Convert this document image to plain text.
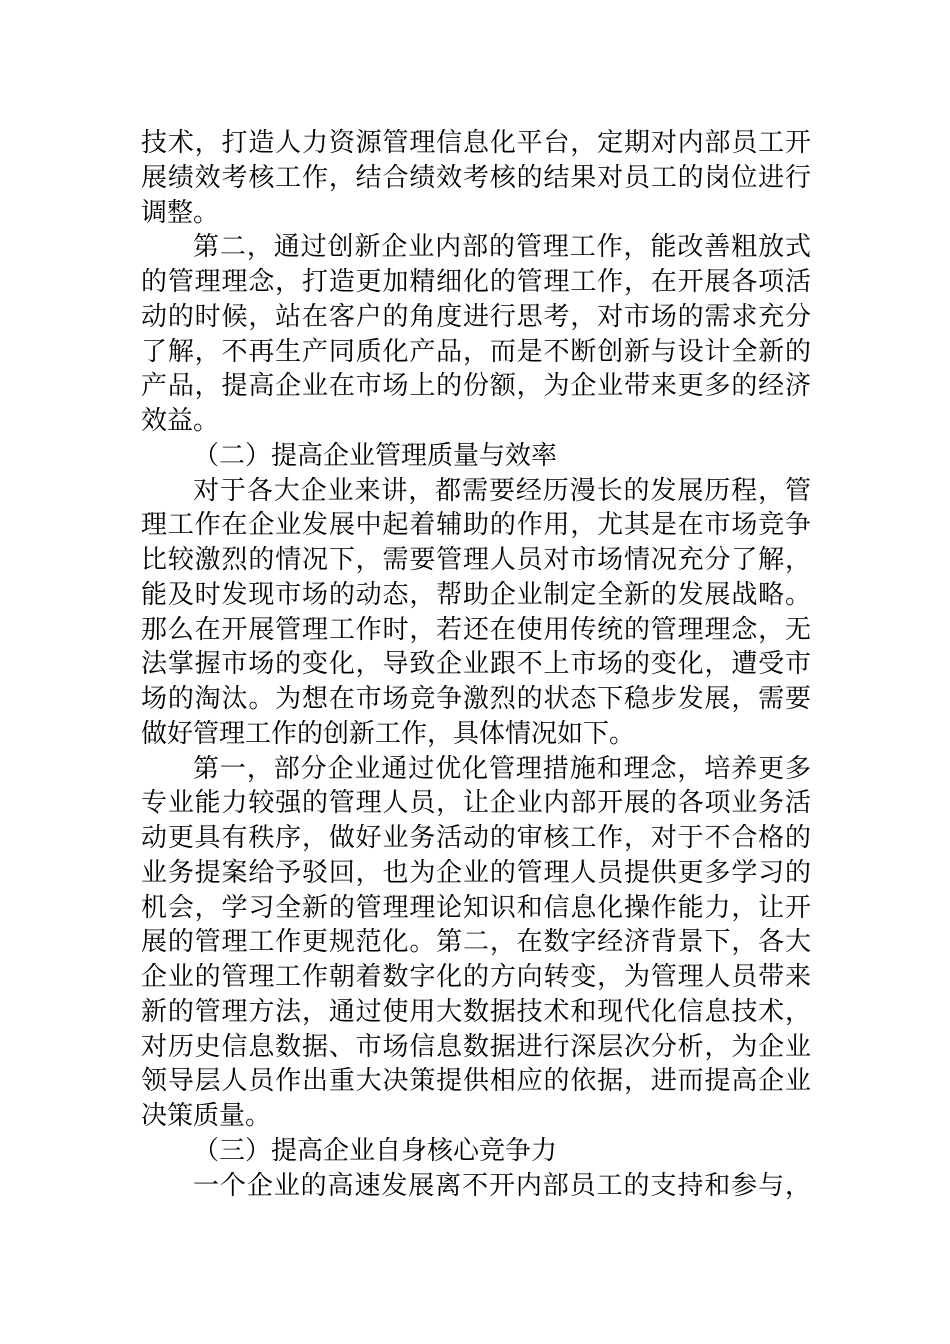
技术，打造人力资源管理信息化平台，定期对内部员工开
展绩效考核工作，结合绩效考核的结果对员工的岗位进行
调整。
第二，通过创新企业内部的管理工作，能改善粗放式
的管理理念，打造更加精细化的管理工作，在开展各项活
动的时候，站在客户的角度进行思考，对市场的需求充分
了解，不再生产同质化产品，而是不断创新与设计全新的
产品，提高企业在市场上的份额，为企业带来更多的经济
效益。
（二）提高企业管理质量与效率
对于各大企业来讲，都需要经历漫长的发展历程，管
理工作在企业发展中起着辅助的作用，尤其是在市场竞争
比较激烈的情况下，需要管理人员对市场情况充分了解，
能及时发现市场的动态，帮助企业制定全新的发展战略。
那么在开展管理工作时，若还在使用传统的管理理念，无
法掌握市场的变化，导致企业跟不上市场的变化，遭受市
场的淘汰。为想在市场竞争激烈的状态下稳步发展，需要
做好管理工作的创新工作，具体情况如下。
第一，部分企业通过优化管理措施和理念，培养更多
专业能力较强的管理人员，让企业内部开展的各项业务活
动更具有秩序，做好业务活动的审核工作，对于不合格的
业务提案给予驳回，也为企业的管理人员提供更多学习的
机会，学习全新的管理理论知识和信息化操作能力，让开
展的管理工作更规范化。第二，在数字经济背景下，各大
企业的管理工作朝着数字化的方向转变，为管理人员带来
新的管理方法，通过使用大数据技术和现代化信息技术，
对历史信息数据、市场信息数据进行深层次分析，为企业
领导层人员作出重大决策提供相应的依据，进而提高企业
决策质量。
（三）提高企业自身核心竞争力
一个企业的高速发展离不开内部员工的支持和参与，
